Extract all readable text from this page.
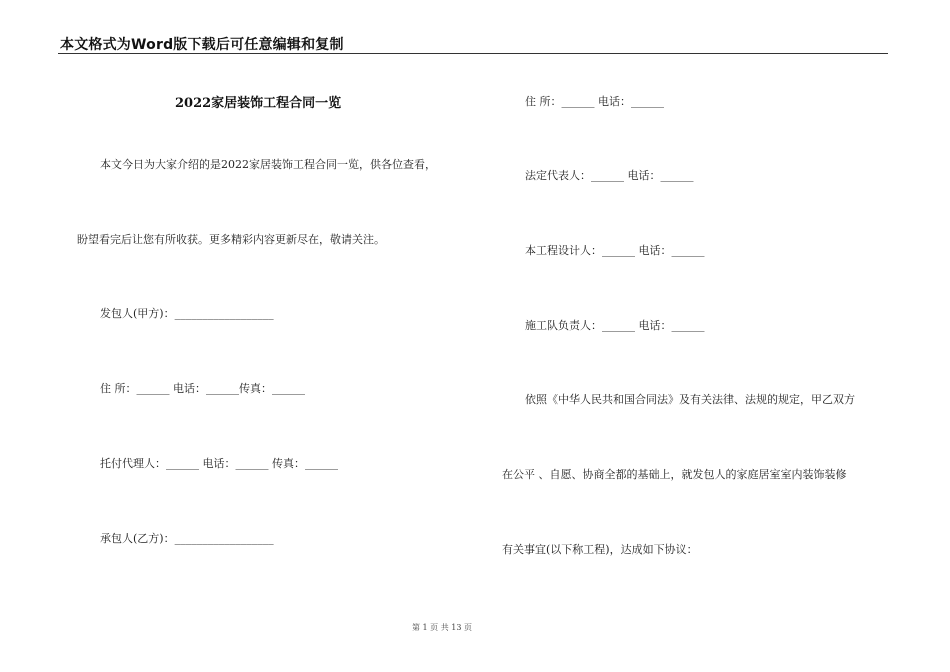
本文格式为Word版下载后可任意编辑和复制
2022家居装饰工程合同一览
本文今日为大家介绍的是2022家居装饰工程合同一览，供各位查看，
盼望看完后让您有所收获。更多精彩内容更新尽在，敬请关注。
发包人(甲方)：__________________
住 所：______ 电话：______传真：______
托付代理人：______ 电话：______ 传真：______
承包人(乙方)：__________________
住 所：______ 电话：______
法定代表人：______ 电话：______
本工程设计人：______ 电话：______
施工队负责人：______ 电话：______
依照《中华人民共和国合同法》及有关法律、法规的规定，甲乙双方
在公平 、自愿、协商全都的基础上，就发包人的家庭居室室内装饰装修
有关事宜(以下称工程)，达成如下协议：
第 1 页 共 13 页
